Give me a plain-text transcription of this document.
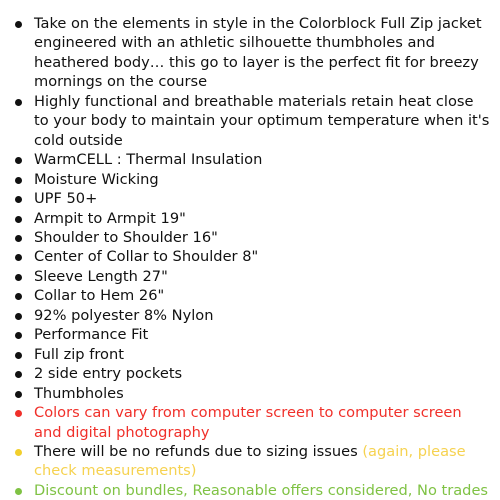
Take on the elements in style in the Colorblock Full Zip jacket engineered with an athletic silhouette thumbholes and heathered body… this go to layer is the perfect fit for breezy mornings on the course
Highly functional and breathable materials retain heat close to your body to maintain your optimum temperature when it's cold outside
WarmCELL : Thermal Insulation
Moisture Wicking
UPF 50+
Armpit to Armpit 19"
Shoulder to Shoulder 16"
Center of Collar to Shoulder 8"
Sleeve Length 27"
Collar to Hem 26"
92% polyester 8% Nylon
Performance Fit
Full zip front
2 side entry pockets
Thumbholes
Colors can vary from computer screen to computer screen and digital photography
There will be no refunds due to sizing issues (again, please check measurements)
Discount on bundles, Reasonable offers considered, No trades
